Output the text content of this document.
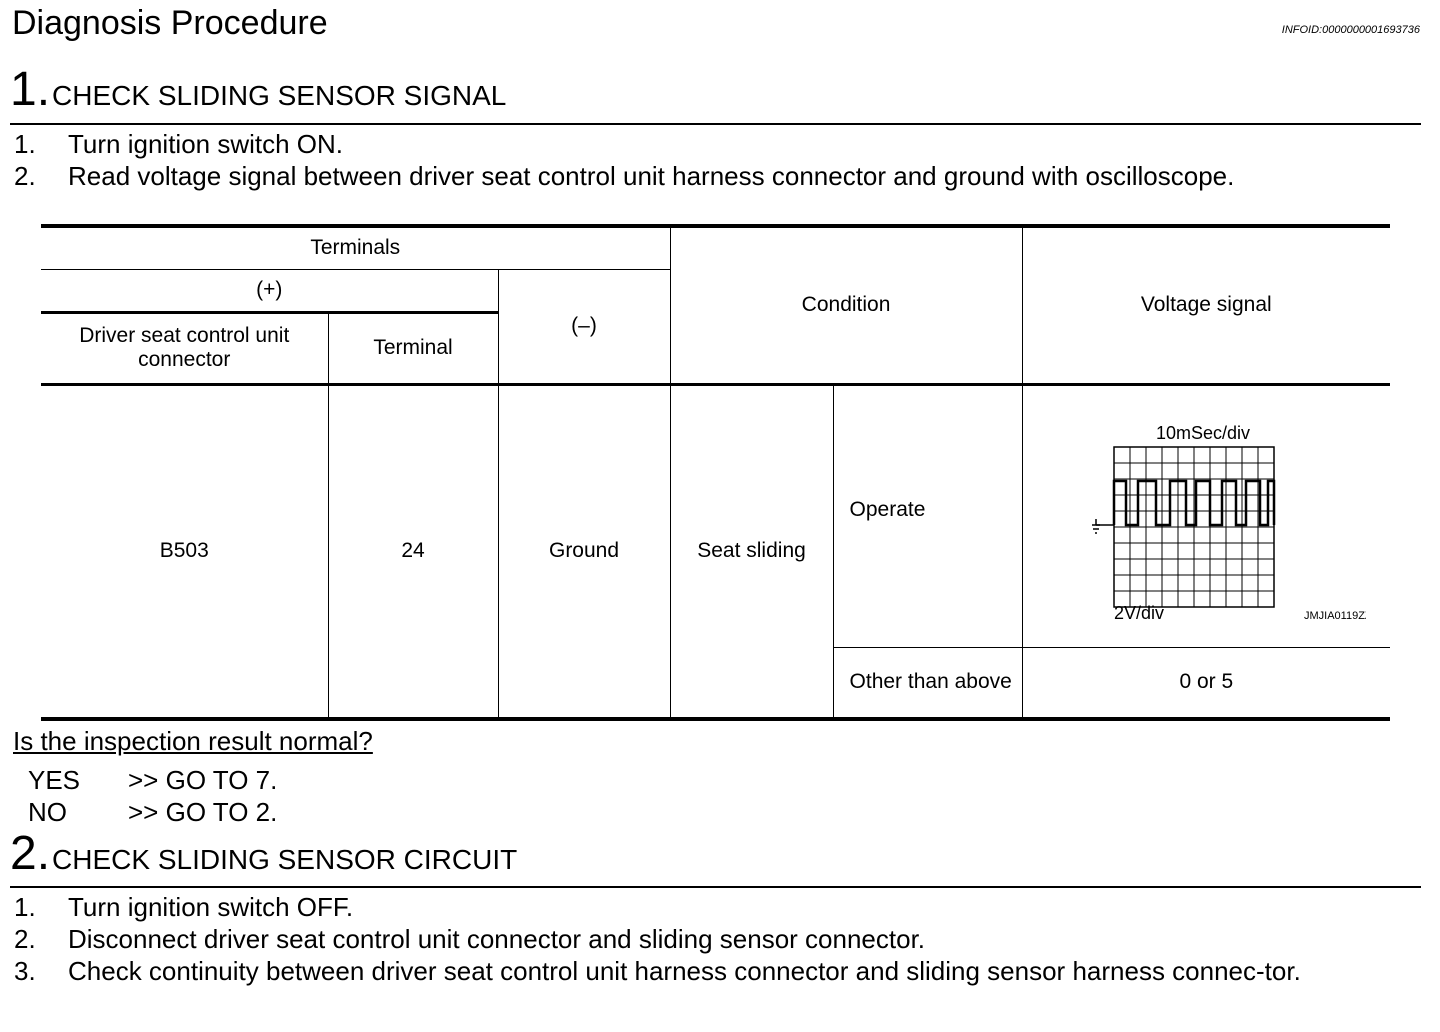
Diagnosis Procedure	INFOID:0000000001693736
1. CHECK SLIDING SENSOR SIGNAL
1.	Turn ignition switch ON.
2.	Read voltage signal between driver seat control unit harness connector and ground with oscilloscope.
Terminals			Condition		Voltage signal
(+)		(–)			
Driver seat control unit connector	Terminal				
B503	24	Ground	Seat sliding	Operate	10mSec/div
2V/div JMJIA0119ZZ

				Other than above	0 or 5
Is the inspection result normal?
YES	>> GO TO 7.
NO	>> GO TO 2.
2. CHECK SLIDING SENSOR CIRCUIT
1.	Turn ignition switch OFF.
2.	Disconnect driver seat control unit connector and sliding sensor connector.
3.	Check continuity between driver seat control unit harness connector and sliding sensor harness connec-tor.
